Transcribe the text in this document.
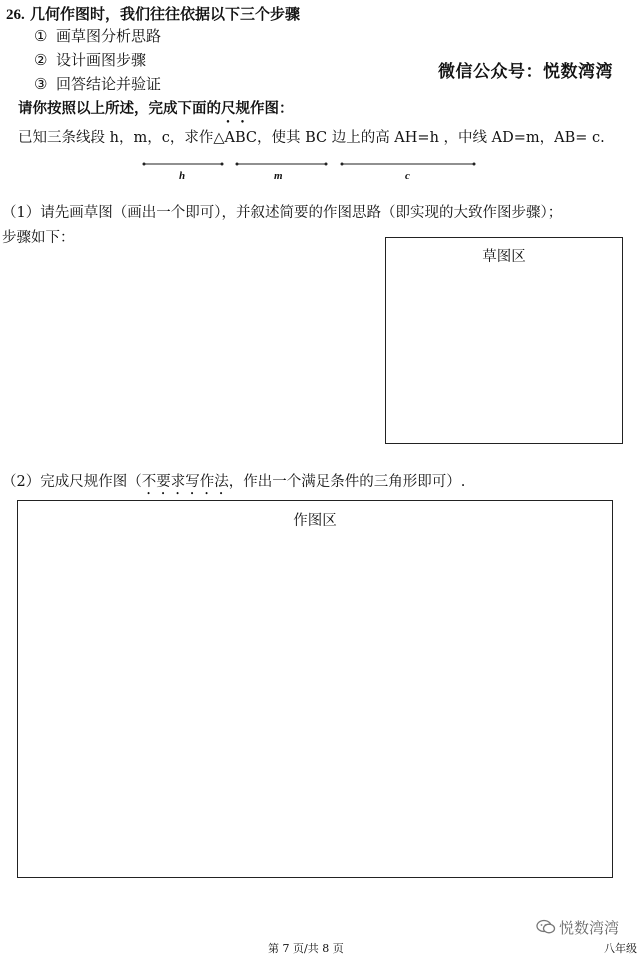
26. 几何作图时，我们往往依据以下三个步骤
① 画草图分析思路
② 设计画图步骤
③ 回答结论并验证
微信公众号：悦数湾湾
请你按照以上所述，完成下面的尺规作图：
已知三条线段 h，m，c，求作△ABC，使其 BC 边上的高 AH=h ，中线 AD=m，AB= c.
h	m	c
（1）请先画草图（画出一个即可），并叙述简要的作图思路（即实现的大致作图步骤）；
步骤如下：
草图区
（2）完成尺规作图（不要求写作法，作出一个满足条件的三角形即可）.
作图区
悦数湾湾
第 7 页/共 8 页	八年级
